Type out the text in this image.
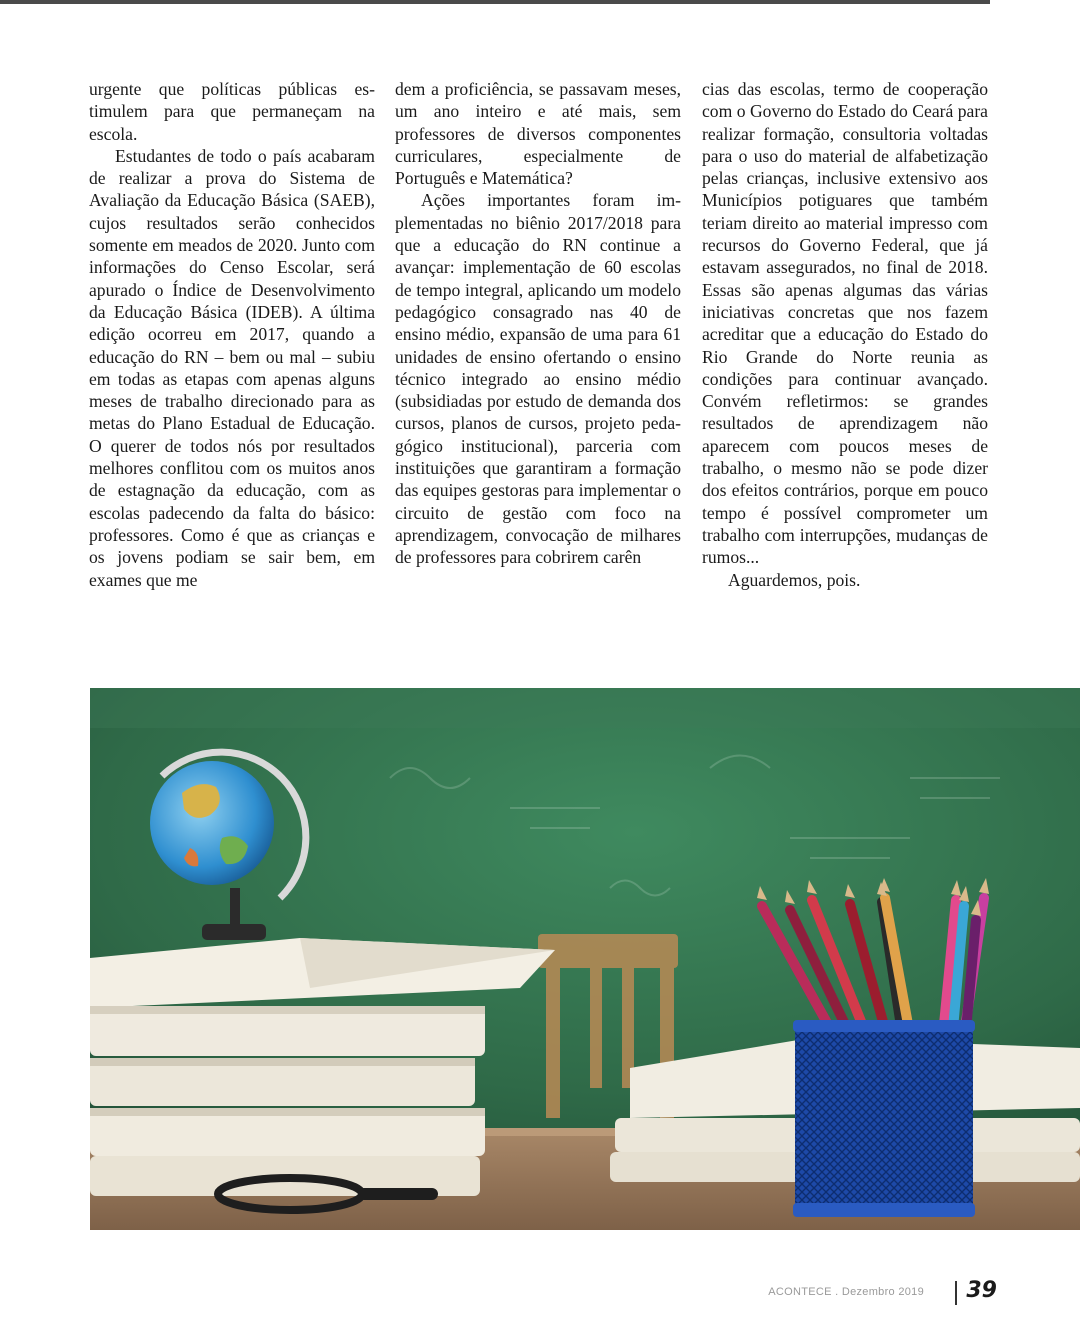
urgente que políticas públicas estimulem para que permaneçam na escola.

Estudantes de todo o país acabaram de realizar a prova do Sistema de Avaliação da Educação Básica (SAEB), cujos resultados serão conhecidos somente em meados de 2020. Junto com informações do Censo Escolar, será apurado o Índice de Desenvolvimento da Educação Básica (IDEB). A última edição ocorreu em 2017, quando a educação do RN – bem ou mal – subiu em todas as etapas com apenas alguns meses de trabalho direcionado para as metas do Plano Estadual de Educação. O querer de todos nós por resultados melhores conflitou com os muitos anos de estagnação da educação, com as escolas padecendo da falta do básico: professores. Como é que as crianças e os jovens podiam se sair bem, em exames que me

dem a proficiência, se passavam meses, um ano inteiro e até mais, sem professores de diversos componentes curriculares, especialmente de Português e Matemática?

Ações importantes foram implementadas no biênio 2017/2018 para que a educação do RN continue a avançar: implementação de 60 escolas de tempo integral, aplicando um modelo pedagógico consagrado nas 40 de ensino médio, expansão de uma para 61 unidades de ensino ofertando o ensino técnico integrado ao ensino médio (subsidiadas por estudo de demanda dos cursos, planos de cursos, projeto pedagógico institucional), parceria com instituições que garantiram a formação das equipes gestoras para implementar o circuito de gestão com foco na aprendizagem, convocação de milhares de professores para cobrirem carên

cias das escolas, termo de cooperação com o Governo do Estado do Ceará para realizar formação, consultoria voltadas para o uso do material de alfabetização pelas crianças, inclusive extensivo aos Municípios potiguares que também teriam direito ao material impresso com recursos do Governo Federal, que já estavam assegurados, no final de 2018. Essas são apenas algumas das várias iniciativas concretas que nos fazem acreditar que a educação do Estado do Rio Grande do Norte reunia as condições para continuar avançado. Convém refletirmos: se grandes resultados de aprendizagem não aparecem com poucos meses de trabalho, o mesmo não se pode dizer dos efeitos contrários, porque em pouco tempo é possível comprometer um trabalho com interrupções, mudanças de rumos...

Aguardemos, pois.

ACONTECE . Dezembro 2019 39
